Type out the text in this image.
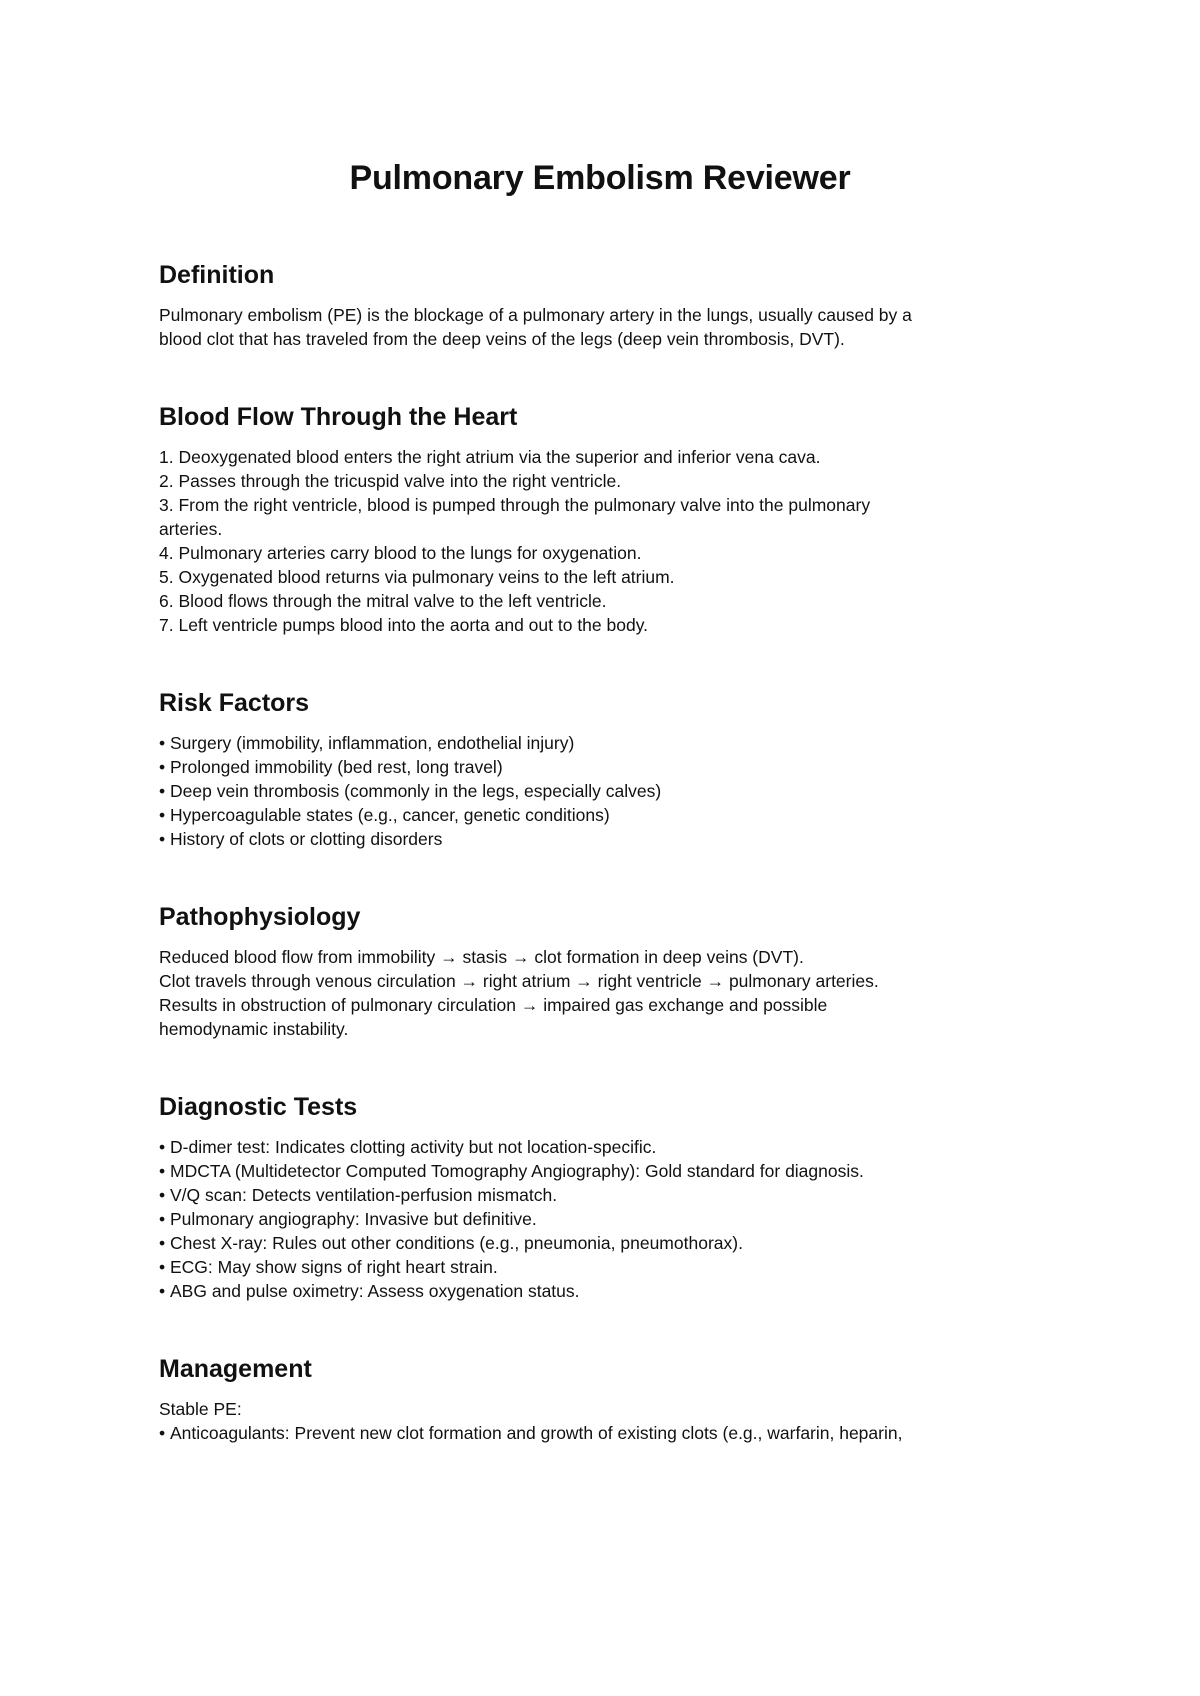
Pulmonary Embolism Reviewer
Definition
Pulmonary embolism (PE) is the blockage of a pulmonary artery in the lungs, usually caused by a
blood clot that has traveled from the deep veins of the legs (deep vein thrombosis, DVT).
Blood Flow Through the Heart
1. Deoxygenated blood enters the right atrium via the superior and inferior vena cava.
2. Passes through the tricuspid valve into the right ventricle.
3. From the right ventricle, blood is pumped through the pulmonary valve into the pulmonary
arteries.
4. Pulmonary arteries carry blood to the lungs for oxygenation.
5. Oxygenated blood returns via pulmonary veins to the left atrium.
6. Blood flows through the mitral valve to the left ventricle.
7. Left ventricle pumps blood into the aorta and out to the body.
Risk Factors
• Surgery (immobility, inflammation, endothelial injury)
• Prolonged immobility (bed rest, long travel)
• Deep vein thrombosis (commonly in the legs, especially calves)
• Hypercoagulable states (e.g., cancer, genetic conditions)
• History of clots or clotting disorders
Pathophysiology
Reduced blood flow from immobility → stasis → clot formation in deep veins (DVT).
Clot travels through venous circulation → right atrium → right ventricle → pulmonary arteries.
Results in obstruction of pulmonary circulation → impaired gas exchange and possible
hemodynamic instability.
Diagnostic Tests
• D-dimer test: Indicates clotting activity but not location-specific.
• MDCTA (Multidetector Computed Tomography Angiography): Gold standard for diagnosis.
• V/Q scan: Detects ventilation-perfusion mismatch.
• Pulmonary angiography: Invasive but definitive.
• Chest X-ray: Rules out other conditions (e.g., pneumonia, pneumothorax).
• ECG: May show signs of right heart strain.
• ABG and pulse oximetry: Assess oxygenation status.
Management
Stable PE:
• Anticoagulants: Prevent new clot formation and growth of existing clots (e.g., warfarin, heparin,
